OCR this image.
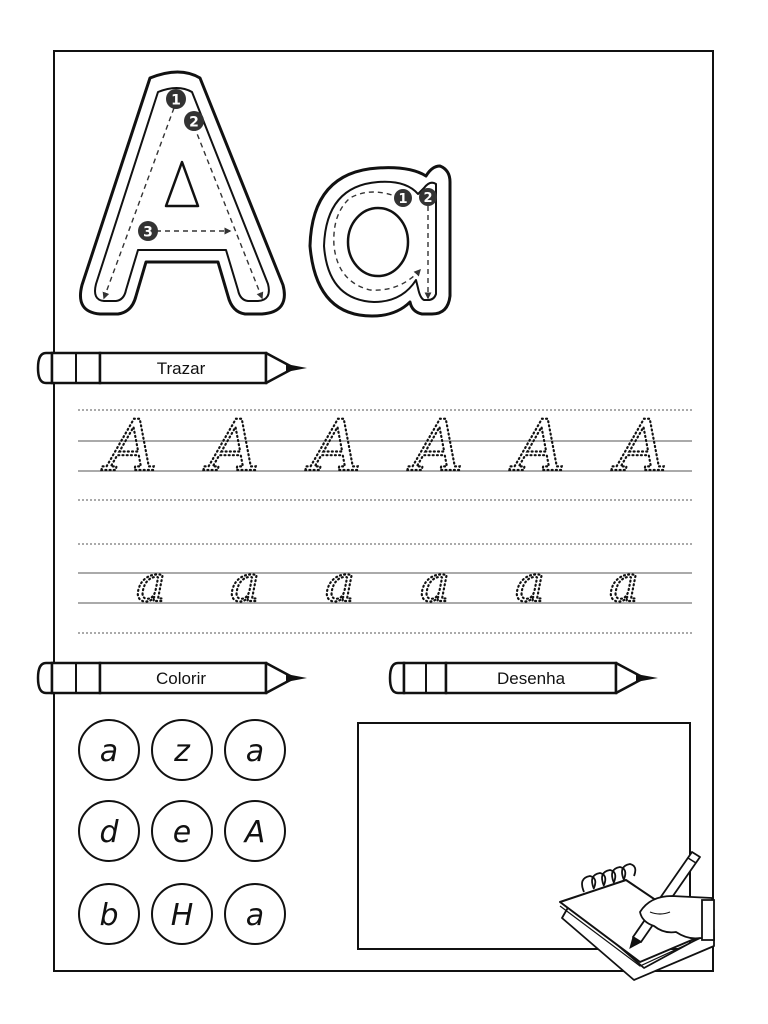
1
2
3
1 2
Trazar
A A A A A A
a a a a a a
Colorir	Desenha
a z a
d e A
b H a
